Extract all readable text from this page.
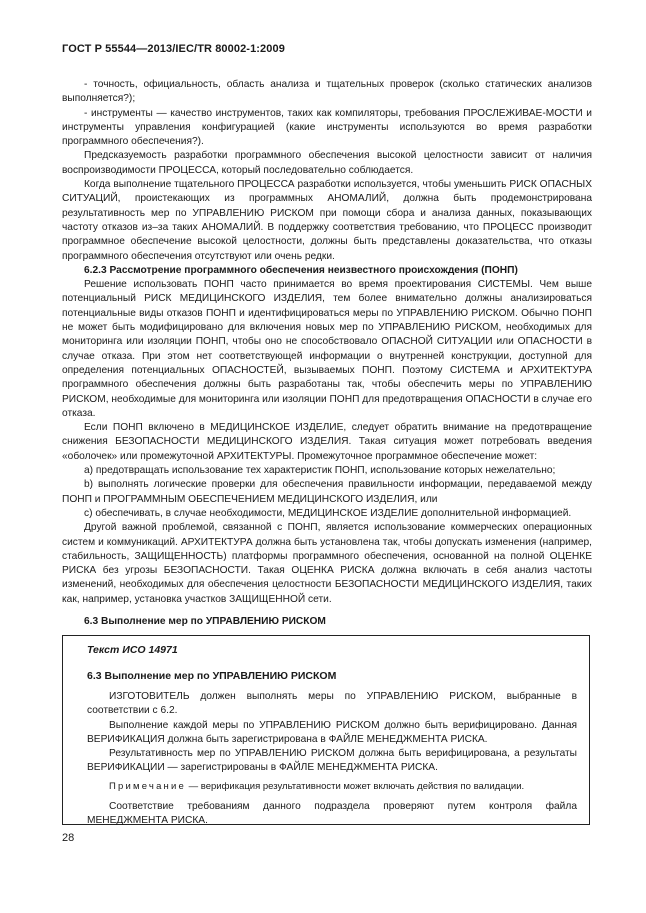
ГОСТ Р 55544—2013/IEC/TR 80002-1:2009

- точность, официальность, область анализа и тщательных проверок (сколько статических анализов выполняется?);

- инструменты — качество инструментов, таких как компиляторы, требования ПРОСЛЕЖИВАЕ-МОСТИ и инструменты управления конфигурацией (какие инструменты используются во время разработки программного обеспечения?).

Предсказуемость разработки программного обеспечения высокой целостности зависит от наличия воспроизводимости ПРОЦЕССА, который последовательно соблюдается.

Когда выполнение тщательного ПРОЦЕССА разработки используется, чтобы уменьшить РИСК ОПАСНЫХ СИТУАЦИЙ, проистекающих из программных АНОМАЛИЙ, должна быть продемонстрирована результативность мер по УПРАВЛЕНИЮ РИСКОМ при помощи сбора и анализа данных, показывающих частоту отказов из–за таких АНОМАЛИЙ. В поддержку соответствия требованию, что ПРОЦЕСС производит программное обеспечение высокой целостности, должны быть представлены доказательства, что отказы программного обеспечения отсутствуют или очень редки.

6.2.3 Рассмотрение программного обеспечения неизвестного происхождения (ПОНП)

Решение использовать ПОНП часто принимается во время проектирования СИСТЕМЫ. Чем выше потенциальный РИСК МЕДИЦИНСКОГО ИЗДЕЛИЯ, тем более внимательно должны анализироваться потенциальные виды отказов ПОНП и идентифицироваться меры по УПРАВЛЕНИЮ РИСКОМ. Обычно ПОНП не может быть модифицировано для включения новых мер по УПРАВЛЕНИЮ РИСКОМ, необходимых для мониторинга или изоляции ПОНП, чтобы оно не способствовало ОПАСНОЙ СИТУАЦИИ или ОПАСНОСТИ в случае отказа. При этом нет соответствующей информации о внутренней конструкции, доступной для определения потенциальных ОПАСНОСТЕЙ, вызываемых ПОНП. Поэтому СИСТЕМА и АРХИТЕКТУРА программного обеспечения должны быть разработаны так, чтобы обеспечить меры по УПРАВЛЕНИЮ РИСКОМ, необходимые для мониторинга или изоляции ПОНП для предотвращения ОПАСНОСТИ в случае его отказа.

Если ПОНП включено в МЕДИЦИНСКОЕ ИЗДЕЛИЕ, следует обратить внимание на предотвращение снижения БЕЗОПАСНОСТИ МЕДИЦИНСКОГО ИЗДЕЛИЯ. Такая ситуация может потребовать введения «оболочек» или промежуточной АРХИТЕКТУРЫ. Промежуточное программное обеспечение может:

а) предотвращать использование тех характеристик ПОНП, использование которых нежелательно;

b) выполнять логические проверки для обеспечения правильности информации, передаваемой между ПОНП и ПРОГРАММНЫМ ОБЕСПЕЧЕНИЕМ МЕДИЦИНСКОГО ИЗДЕЛИЯ, или

с) обеспечивать, в случае необходимости, МЕДИЦИНСКОЕ ИЗДЕЛИЕ дополнительной информацией.

Другой важной проблемой, связанной с ПОНП, является использование коммерческих операционных систем и коммуникаций. АРХИТЕКТУРА должна быть установлена так, чтобы допускать изменения (например, стабильность, ЗАЩИЩЕННОСТЬ) платформы программного обеспечения, основанной на полной ОЦЕНКЕ РИСКА без угрозы БЕЗОПАСНОСТИ. Такая ОЦЕНКА РИСКА должна включать в себя анализ частоты изменений, необходимых для обеспечения целостности БЕЗОПАСНОСТИ МЕДИЦИНСКОГО ИЗДЕЛИЯ, таких как, например, установка участков ЗАЩИЩЕННОЙ сети.

6.3 Выполнение мер по УПРАВЛЕНИЮ РИСКОМ

Текст ИСО 14971
6.3 Выполнение мер по УПРАВЛЕНИЮ РИСКОМ

ИЗГОТОВИТЕЛЬ должен выполнять меры по УПРАВЛЕНИЮ РИСКОМ, выбранные в соответствии с 6.2.

Выполнение каждой меры по УПРАВЛЕНИЮ РИСКОМ должно быть верифицировано. Данная ВЕРИФИКАЦИЯ должна быть зарегистрирована в ФАЙЛЕ МЕНЕДЖМЕНТА РИСКА.

Результативность мер по УПРАВЛЕНИЮ РИСКОМ должна быть верифицирована, а результаты ВЕРИФИКАЦИИ — зарегистрированы в ФАЙЛЕ МЕНЕДЖМЕНТА РИСКА.

Примечание — верификация результативности может включать действия по валидации.

Соответствие требованиям данного подраздела проверяют путем контроля файла МЕНЕДЖМЕНТА РИСКА.

28
